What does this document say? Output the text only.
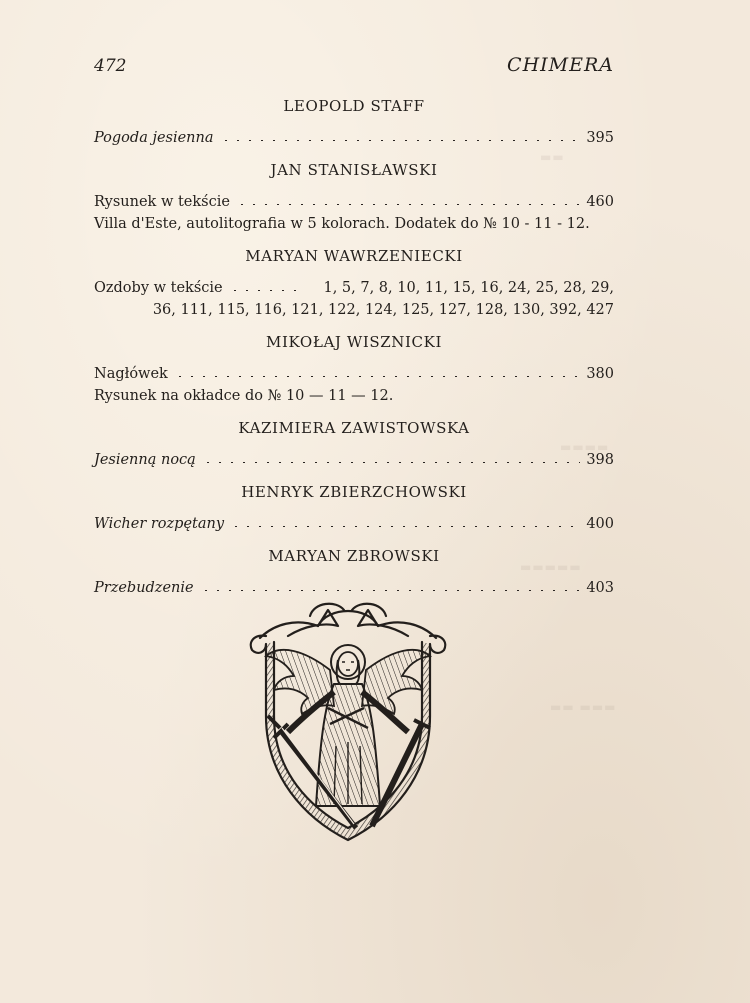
▬▬
▬▬▬▬
▬▬▬▬▬
▬▬ ▬▬▬
472	CHIMERA
LEOPOLD STAFF
Pogoda jesienna	395
JAN STANISŁAWSKI
Rysunek w tekście	460
Villa d'Este, autolitografia w 5 kolorach. Dodatek do № 10 - 11 - 12.
MARYAN WAWRZENIECKI
Ozdoby w tekście	1, 5, 7, 8, 10, 11, 15, 16, 24, 25, 28, 29,
36, 111, 115, 116, 121, 122, 124, 125, 127, 128, 130, 392, 427
MIKOŁAJ WISZNICKI
Nagłówek	380
Rysunek na okładce do № 10 — 11 — 12.
KAZIMIERA ZAWISTOWSKA
Jesienną nocą	398
HENRYK ZBIERZCHOWSKI
Wicher rozpętany	400
MARYAN ZBROWSKI
Przebudzenie	403
